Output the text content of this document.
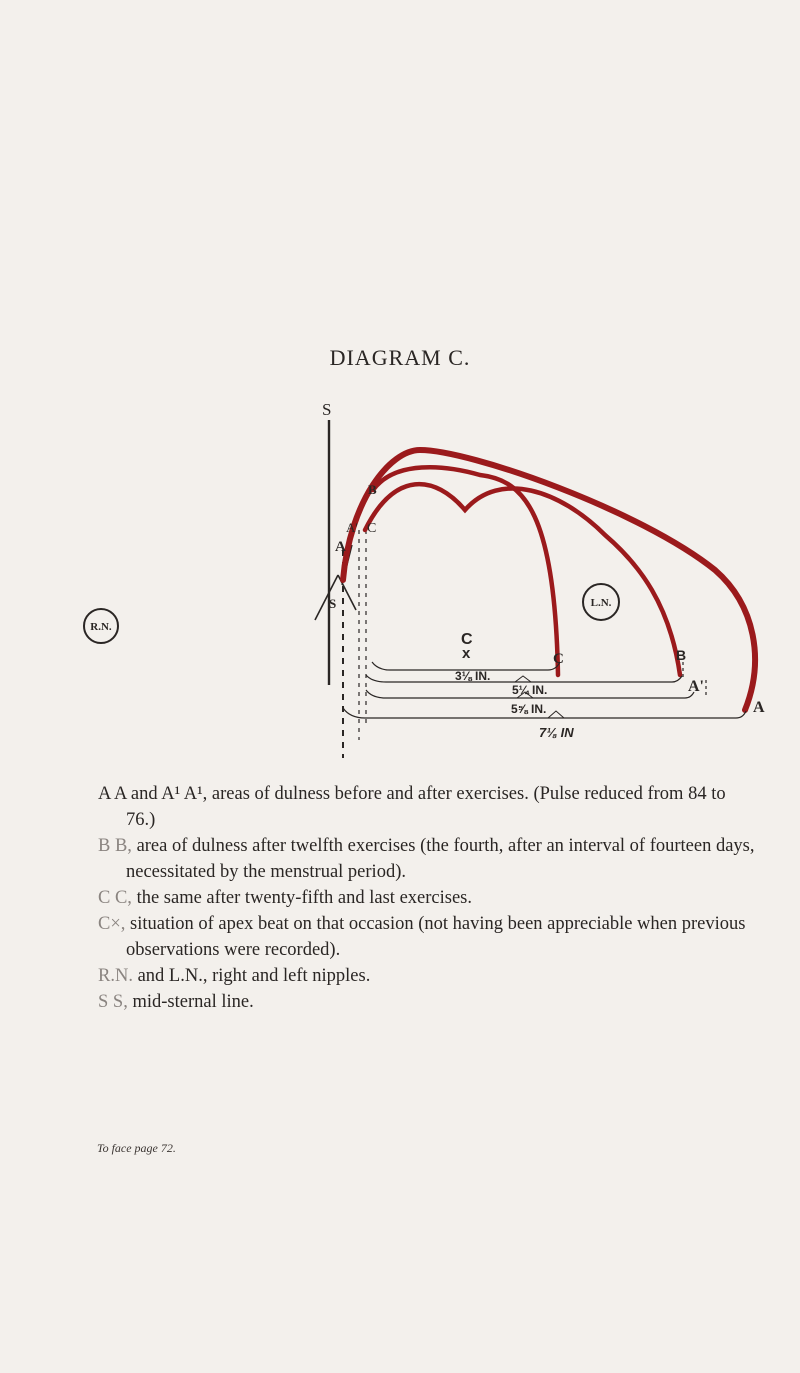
DIAGRAM C.
S
R.N.
L.N.
A
A' C
B
S
C
x	C	B
A'
A
3⅛ IN.
5¼ IN.
5⅝ IN.
7⅛ IN

A A and A¹ A¹, areas of dulness before and after exercises. (Pulse reduced from 84 to 76.)

B B, area of dulness after twelfth exercises (the fourth, after an interval of fourteen days, necessitated by the menstrual period).

C C, the same after twenty-fifth and last exercises.

C×, situation of apex beat on that occasion (not having been appreciable when previous observations were recorded).

R.N. and L.N., right and left nipples.

S S, mid-sternal line.

To face page 72.
